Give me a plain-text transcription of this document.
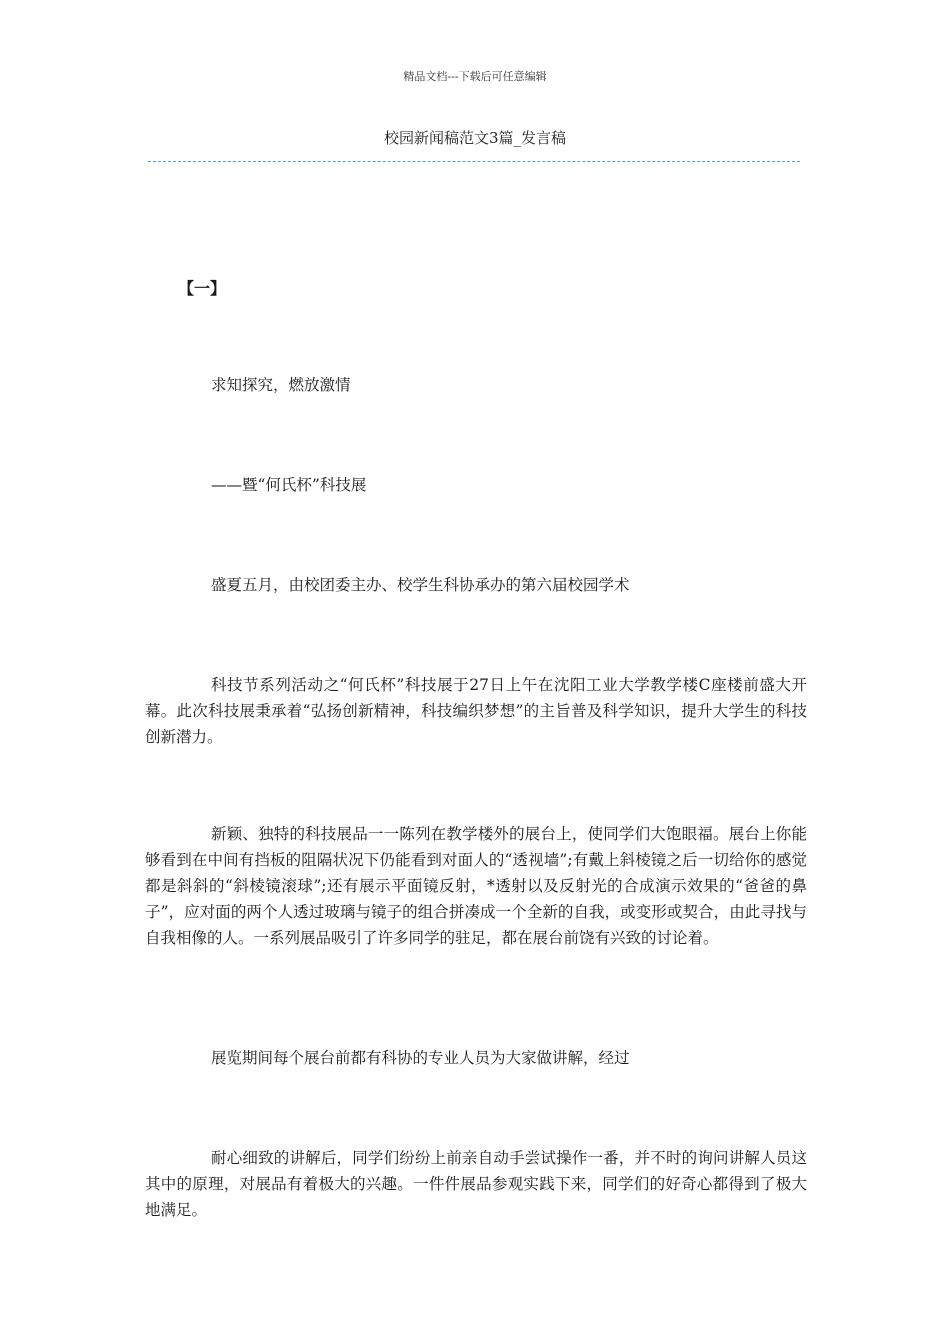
精品文档---下载后可任意编辑
校园新闻稿范文3篇_发言稿
【一】

求知探究，燃放激情

——暨“何氏杯”科技展

盛夏五月，由校团委主办、校学生科协承办的第六届校园学术

科技节系列活动之“何氏杯”科技展于27日上午在沈阳工业大学教学楼C座楼前盛大开幕。此次科技展秉承着“弘扬创新精神，科技编织梦想”的主旨普及科学知识，提升大学生的科技创新潜力。

新颖、独特的科技展品一一陈列在教学楼外的展台上，使同学们大饱眼福。展台上你能够看到在中间有挡板的阻隔状况下仍能看到对面人的“透视墙”;有戴上斜棱镜之后一切给你的感觉都是斜斜的“斜棱镜滚球”;还有展示平面镜反射，*透射以及反射光的合成演示效果的“爸爸的鼻子”，应对面的两个人透过玻璃与镜子的组合拼凑成一个全新的自我，或变形或契合，由此寻找与自我相像的人。一系列展品吸引了许多同学的驻足，都在展台前饶有兴致的讨论着。

展览期间每个展台前都有科协的专业人员为大家做讲解，经过

耐心细致的讲解后，同学们纷纷上前亲自动手尝试操作一番，并不时的询问讲解人员这其中的原理，对展品有着极大的兴趣。一件件展品参观实践下来，同学们的好奇心都得到了极大地满足。
